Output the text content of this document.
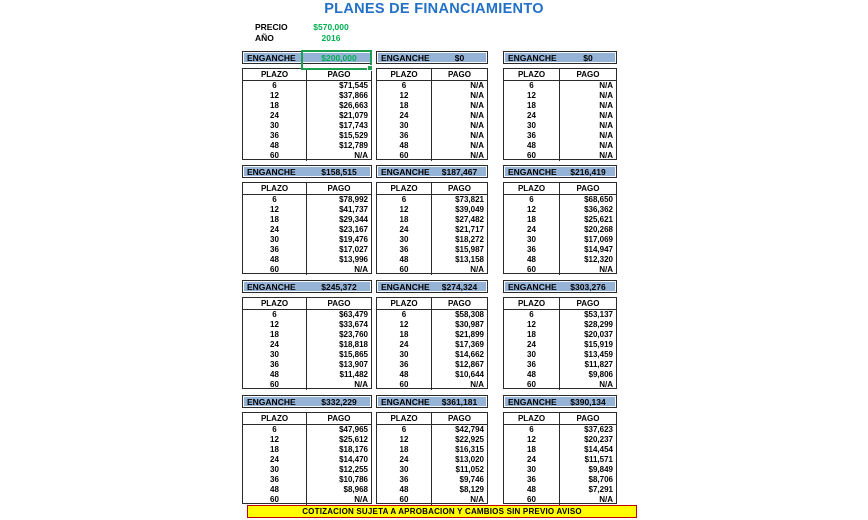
PLANES DE FINANCIAMIENTO
PRECIO	$570,000
AÑO	2016
ENGANCHE	$200,000
PLAZO	PAGO
6	$71,545
12	$37,866
18	$26,663
24	$21,079
30	$17,743
36	$15,529
48	$12,789
60	N/A
ENGANCHE	$0
PLAZO	PAGO
6	N/A
12	N/A
18	N/A
24	N/A
30	N/A
36	N/A
48	N/A
60	N/A
ENGANCHE	$0
PLAZO	PAGO
6	N/A
12	N/A
18	N/A
24	N/A
30	N/A
36	N/A
48	N/A
60	N/A
ENGANCHE	$158,515
PLAZO	PAGO
6	$78,992
12	$41,737
18	$29,344
24	$23,167
30	$19,476
36	$17,027
48	$13,996
60	N/A
ENGANCHE	$187,467
PLAZO	PAGO
6	$73,821
12	$39,049
18	$27,482
24	$21,717
30	$18,272
36	$15,987
48	$13,158
60	N/A
ENGANCHE	$216,419
PLAZO	PAGO
6	$68,650
12	$36,362
18	$25,621
24	$20,268
30	$17,069
36	$14,947
48	$12,320
60	N/A
ENGANCHE	$245,372
PLAZO	PAGO
6	$63,479
12	$33,674
18	$23,760
24	$18,818
30	$15,865
36	$13,907
48	$11,482
60	N/A
ENGANCHE	$274,324
PLAZO	PAGO
6	$58,308
12	$30,987
18	$21,899
24	$17,369
30	$14,662
36	$12,867
48	$10,644
60	N/A
ENGANCHE	$303,276
PLAZO	PAGO
6	$53,137
12	$28,299
18	$20,037
24	$15,919
30	$13,459
36	$11,827
48	$9,806
60	N/A
ENGANCHE	$332,229
PLAZO	PAGO
6	$47,965
12	$25,612
18	$18,176
24	$14,470
30	$12,255
36	$10,786
48	$8,968
60	N/A
ENGANCHE	$361,181
PLAZO	PAGO
6	$42,794
12	$22,925
18	$16,315
24	$13,020
30	$11,052
36	$9,746
48	$8,129
60	N/A
ENGANCHE	$390,134
PLAZO	PAGO
6	$37,623
12	$20,237
18	$14,454
24	$11,571
30	$9,849
36	$8,706
48	$7,291
60	N/A
COTIZACION SUJETA A APROBACION Y CAMBIOS SIN PREVIO AVISO
